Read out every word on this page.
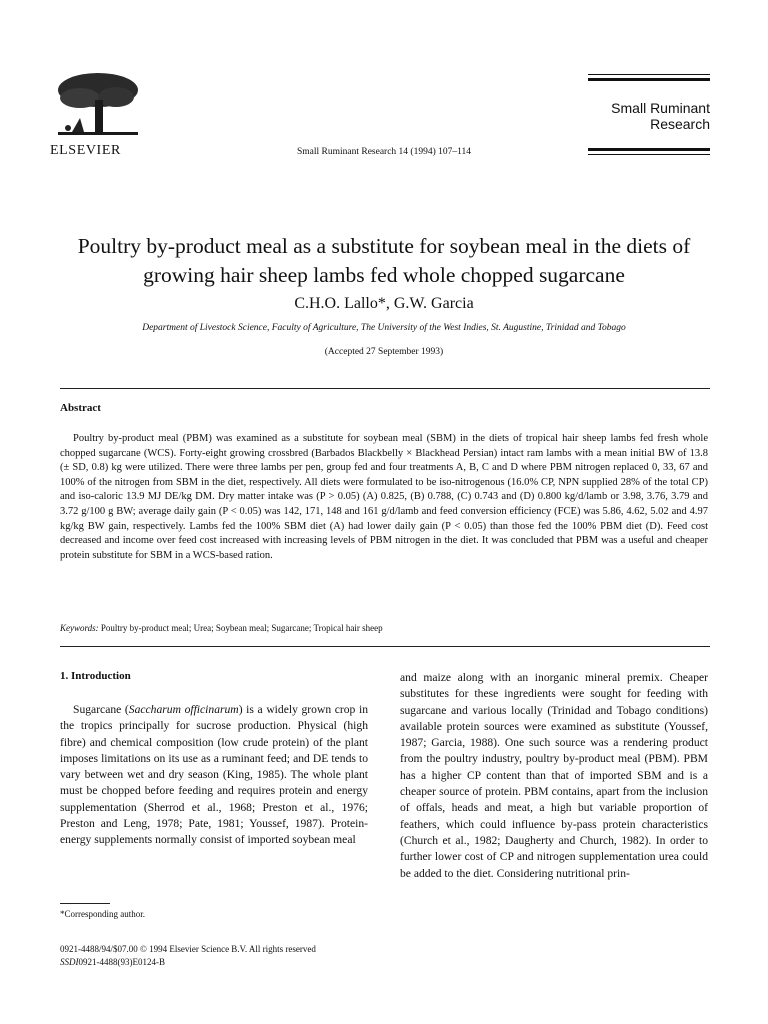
ELSEVIER	Small Ruminant Research 14 (1994) 107–114
Small Ruminant
Research
Poultry by-product meal as a substitute for soybean meal in the diets of growing hair sheep lambs fed whole chopped sugarcane
C.H.O. Lallo*, G.W. Garcia
Department of Livestock Science, Faculty of Agriculture, The University of the West Indies, St. Augustine, Trinidad and Tobago
(Accepted 27 September 1993)
Abstract

Poultry by-product meal (PBM) was examined as a substitute for soybean meal (SBM) in the diets of tropical hair sheep lambs fed fresh whole chopped sugarcane (WCS). Forty-eight growing crossbred (Barbados Blackbelly × Blackhead Persian) intact ram lambs with a mean initial BW of 13.8 (± SD, 0.8) kg were utilized. There were three lambs per pen, group fed and four treatments A, B, C and D where PBM nitrogen replaced 0, 33, 67 and 100% of the nitrogen from SBM in the diet, respectively. All diets were formulated to be iso-nitrogenous (16.0% CP, NPN supplied 28% of the total CP) and iso-caloric 13.9 MJ DE/kg DM. Dry matter intake was (P > 0.05) (A) 0.825, (B) 0.788, (C) 0.743 and (D) 0.800 kg/d/lamb or 3.98, 3.76, 3.79 and 3.72 g/100 g BW; average daily gain (P < 0.05) was 142, 171, 148 and 161 g/d/lamb and feed conversion efficiency (FCE) was 5.86, 4.62, 5.02 and 4.97 kg/kg BW gain, respectively. Lambs fed the 100% SBM diet (A) had lower daily gain (P < 0.05) than those fed the 100% PBM diet (D). Feed cost decreased and income over feed cost increased with increasing levels of PBM nitrogen in the diet. It was concluded that PBM was a useful and cheaper protein substitute for SBM in a WCS-based ration.

Keywords: Poultry by-product meal; Urea; Soybean meal; Sugarcane; Tropical hair sheep
1. Introduction

Sugarcane (Saccharum officinarum) is a widely grown crop in the tropics principally for sucrose production. Physical (high fibre) and chemical composition (low crude protein) of the plant imposes limitations on its use as a ruminant feed; and DE tends to vary between wet and dry season (King, 1985). The whole plant must be chopped before feeding and requires protein and energy supplementation (Sherrod et al., 1968; Preston et al., 1976; Preston and Leng, 1978; Pate, 1981; Youssef, 1987). Protein-energy supplements normally consist of imported soybean meal

and maize along with an inorganic mineral premix. Cheaper substitutes for these ingredients were sought for feeding with sugarcane and various locally (Trinidad and Tobago conditions) available protein sources were examined as substitute (Youssef, 1987; Garcia, 1988). One such source was a rendering product from the poultry industry, poultry by-product meal (PBM). PBM has a higher CP content than that of imported SBM and is a cheaper source of protein. PBM contains, apart from the inclusion of offals, heads and meat, a high but variable proportion of feathers, which could influence by-pass protein characteristics (Church et al., 1982; Daugherty and Church, 1982). In order to further lower cost of CP and nitrogen supplementation urea could be added to the diet. Considering nutritional prin-

*Corresponding author.
0921-4488/94/$07.00 © 1994 Elsevier Science B.V. All rights reserved
SSDI0921-4488(93)E0124-B
